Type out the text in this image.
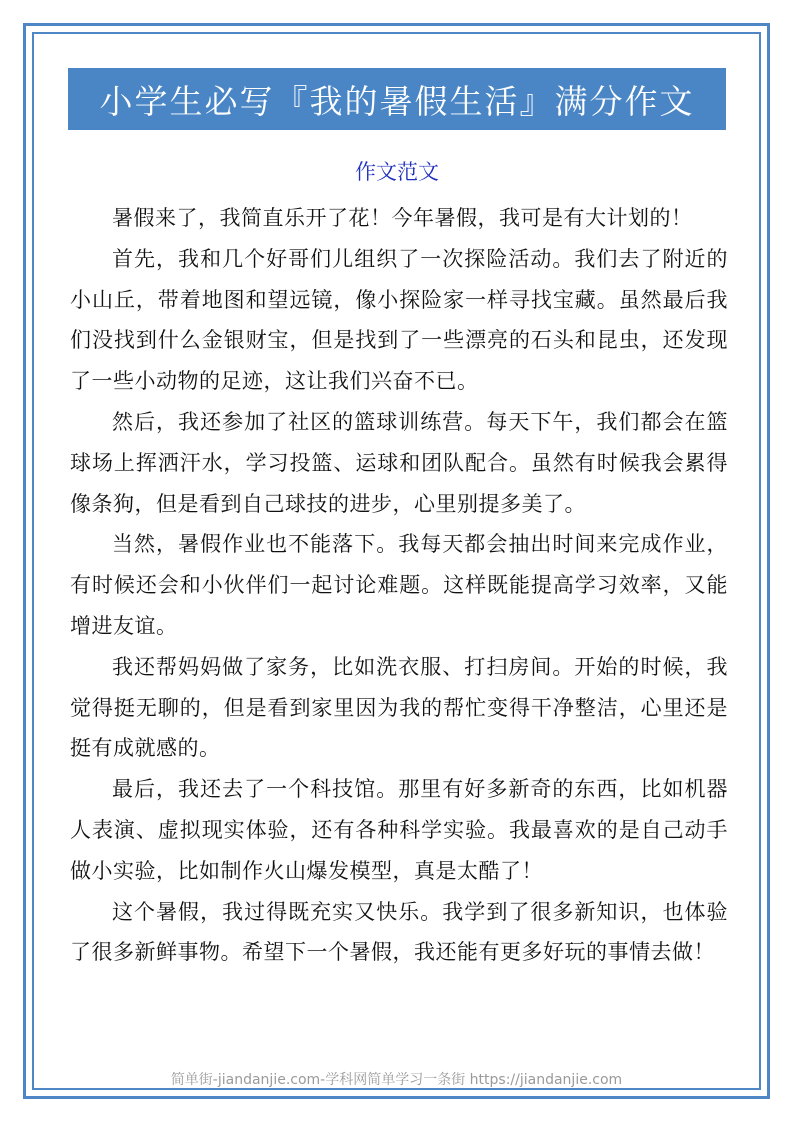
小学生必写『我的暑假生活』满分作文
作文范文

暑假来了，我简直乐开了花！今年暑假，我可是有大计划的！

首先，我和几个好哥们儿组织了一次探险活动。我们去了附近的小山丘，带着地图和望远镜，像小探险家一样寻找宝藏。虽然最后我们没找到什么金银财宝，但是找到了一些漂亮的石头和昆虫，还发现了一些小动物的足迹，这让我们兴奋不已。

然后，我还参加了社区的篮球训练营。每天下午，我们都会在篮球场上挥洒汗水，学习投篮、运球和团队配合。虽然有时候我会累得像条狗，但是看到自己球技的进步，心里别提多美了。

当然，暑假作业也不能落下。我每天都会抽出时间来完成作业，有时候还会和小伙伴们一起讨论难题。这样既能提高学习效率，又能增进友谊。

我还帮妈妈做了家务，比如洗衣服、打扫房间。开始的时候，我觉得挺无聊的，但是看到家里因为我的帮忙变得干净整洁，心里还是挺有成就感的。

最后，我还去了一个科技馆。那里有好多新奇的东西，比如机器人表演、虚拟现实体验，还有各种科学实验。我最喜欢的是自己动手做小实验，比如制作火山爆发模型，真是太酷了！

这个暑假，我过得既充实又快乐。我学到了很多新知识，也体验了很多新鲜事物。希望下一个暑假，我还能有更多好玩的事情去做！

简单街-jiandanjie.com-学科网简单学习一条街 https://jiandanjie.com
